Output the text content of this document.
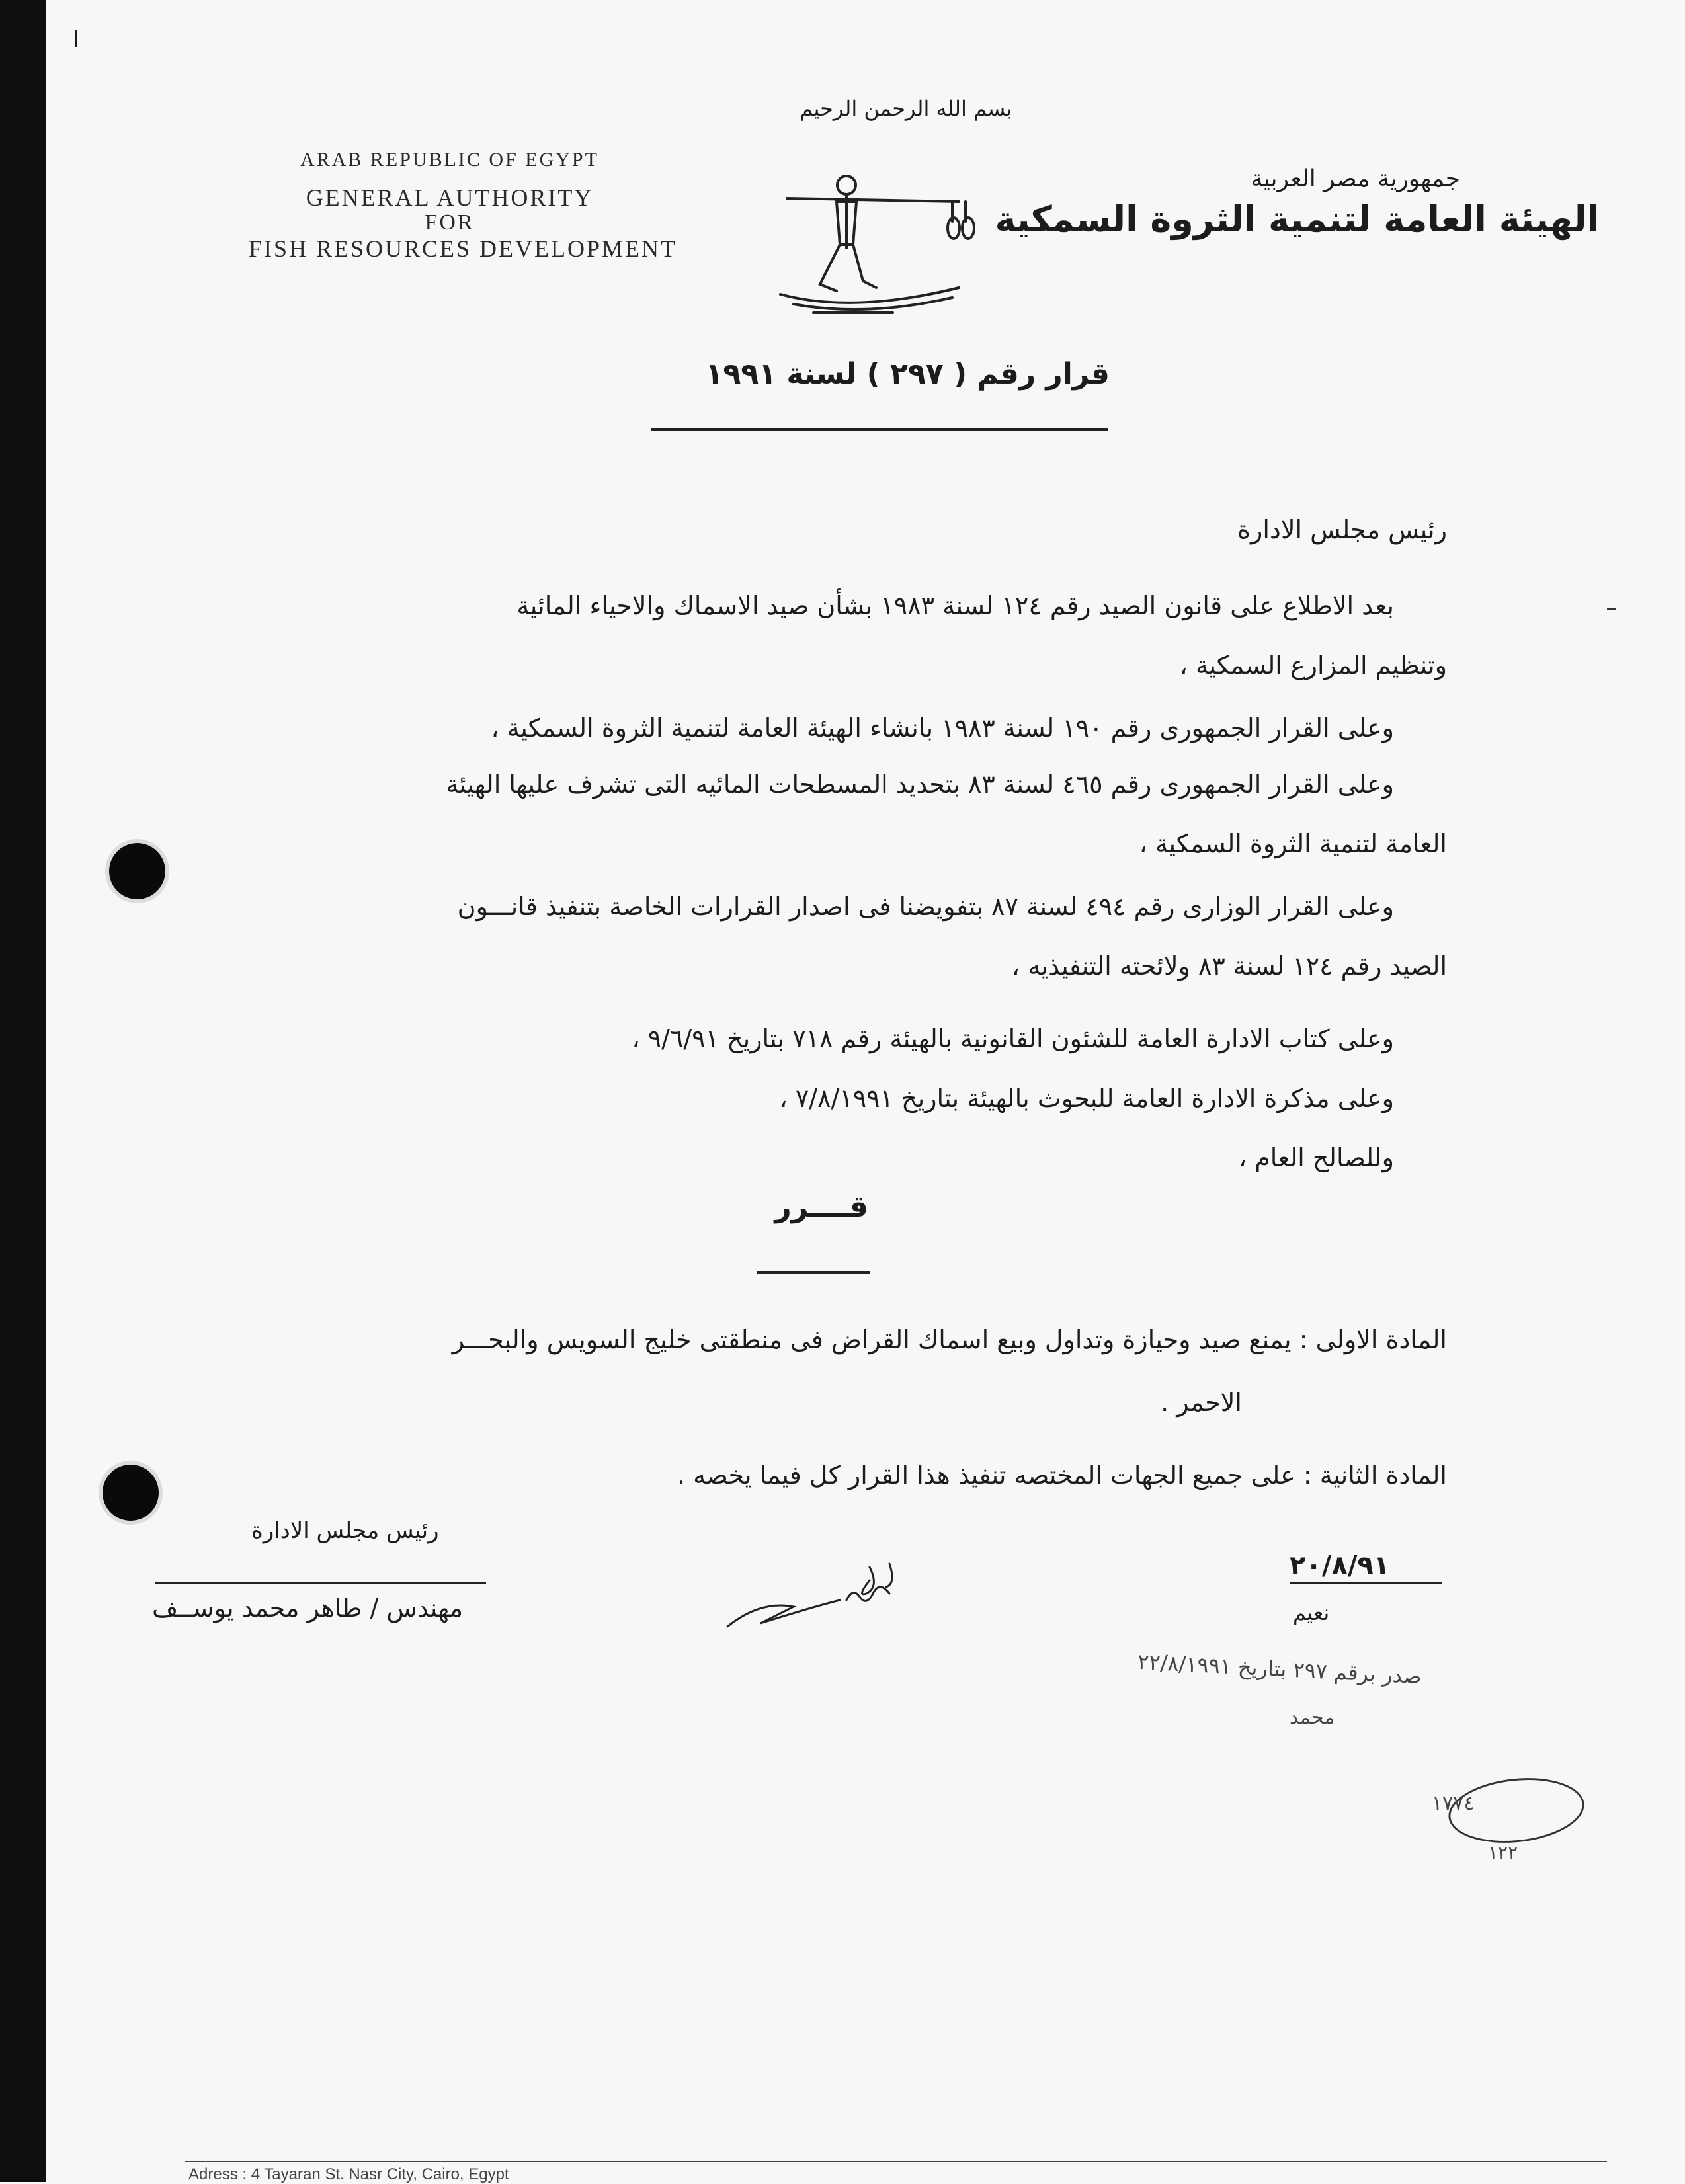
ا
بسم الله الرحمن الرحيم
ARAB REPUBLIC OF EGYPT
GENERAL AUTHORITY
FOR
FISH RESOURCES DEVELOPMENT
جمهورية مصر العربية
الهيئة العامة لتنمية الثروة السمكية
قرار رقم ( ٢٩٧ ) لسنة ١٩٩١
رئيس مجلس الادارة
بعد الاطلاع على قانون الصيد رقم ١٢٤ لسنة ١٩٨٣ بشأن صيد الاسماك والاحياء المائية
وتنظيم المزارع السمكية ،
وعلى القرار الجمهورى رقم ١٩٠ لسنة ١٩٨٣ بانشاء الهيئة العامة لتنمية الثروة السمكية ،
وعلى القرار الجمهورى رقم ٤٦٥ لسنة ٨٣ بتحديد المسطحات المائيه التى تشرف عليها الهيئة
العامة لتنمية الثروة السمكية ،
وعلى القرار الوزارى رقم ٤٩٤ لسنة ٨٧ بتفويضنا فى اصدار القرارات الخاصة بتنفيذ قانـــون
الصيد رقم ١٢٤ لسنة ٨٣ ولائحته التنفيذيه ،
وعلى كتاب الادارة العامة للشئون القانونية بالهيئة رقم ٧١٨ بتاريخ ٩/٦/٩١ ،
وعلى مذكرة الادارة العامة للبحوث بالهيئة بتاريخ ٧/٨/١٩٩١ ،
وللصالح العام ،
قــــرر
المادة الاولى : يمنع صيد وحيازة وتداول وبيع اسماك القراض فى منطقتى خليج السويس والبحـــر
الاحمر .
المادة الثانية : على جميع الجهات المختصه تنفيذ هذا القرار كل فيما يخصه .
رئيس مجلس الادارة
مهندس / طاهر محمد يوســف
٢٠/٨/٩١
نعيم
صدر برقم ٢٩٧ بتاريخ ٢٢/٨/١٩٩١
محمد
١٧٧٤
١٢٢
Adress : 4 Tayaran St. Nasr City, Cairo, Egypt
